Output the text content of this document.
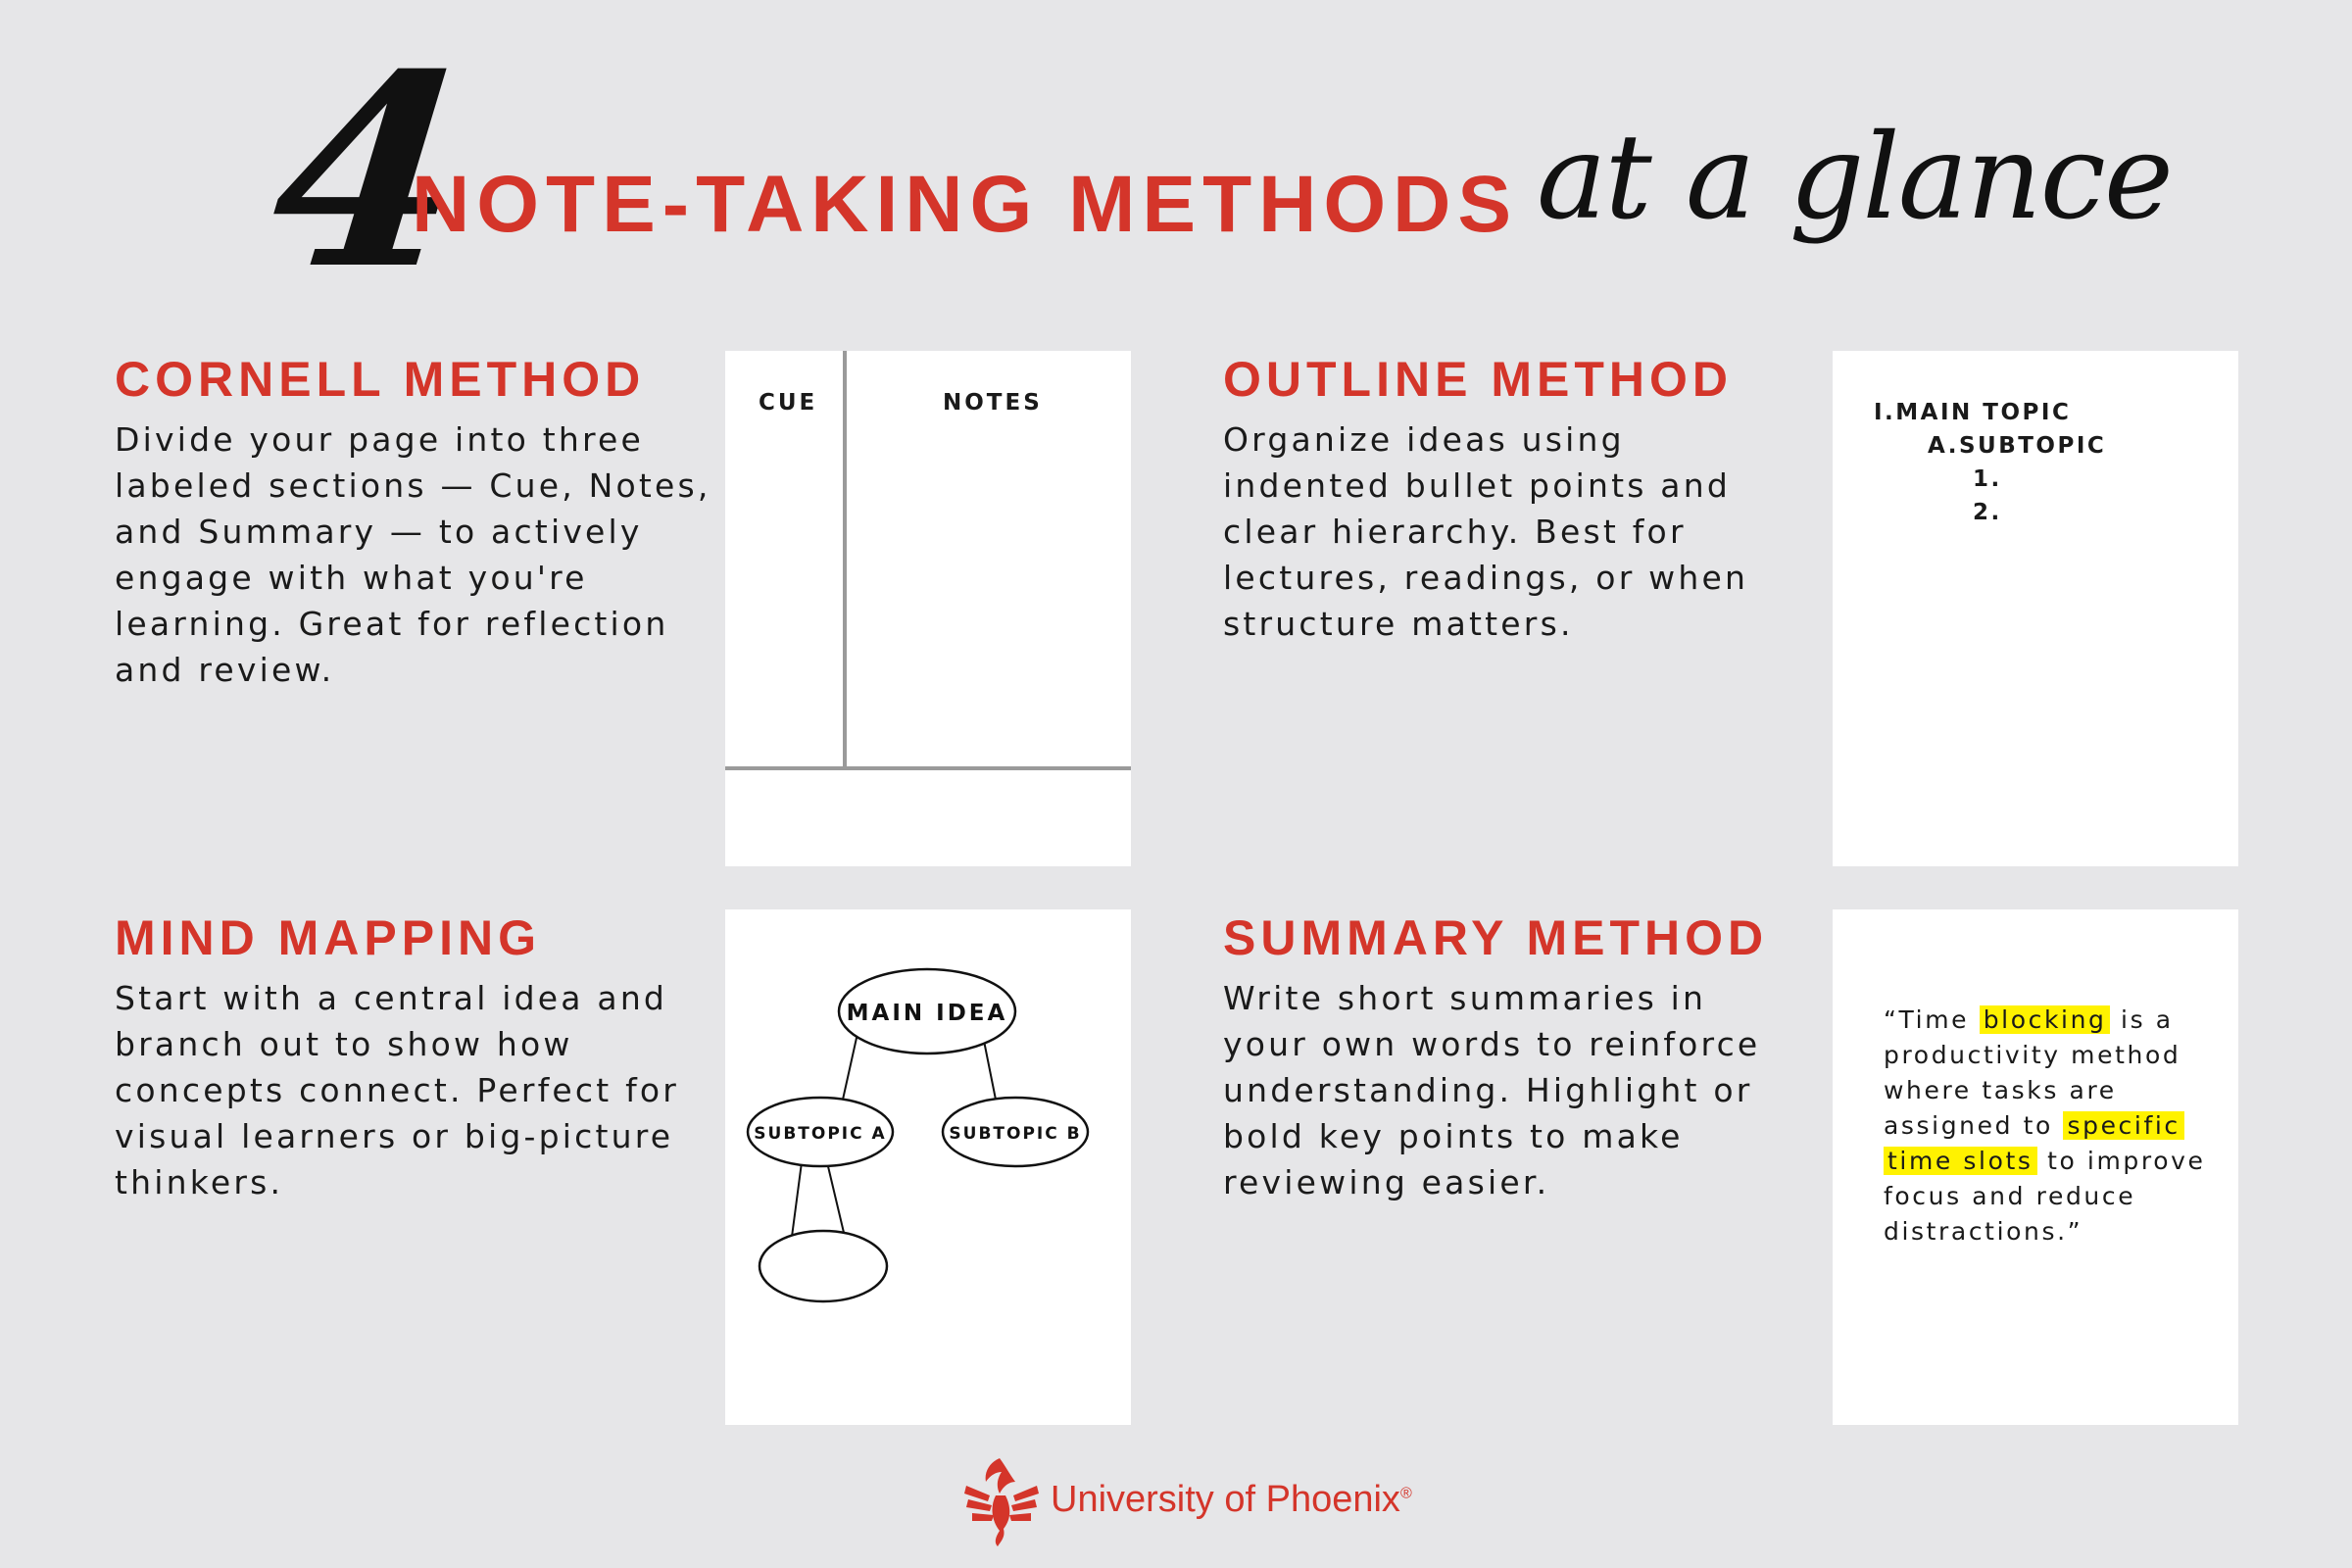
4
NOTE-TAKING METHODS at a glance
CORNELL METHOD
Divide your page into three labeled sections — Cue, Notes, and Summary — to actively engage with what you're learning. Great for reflection and review.
CUE	NOTES	OUTLINE METHOD
Organize ideas using indented bullet points and clear hierarchy. Best for lectures, readings, or when structure matters.
I.MAIN TOPIC
A.SUBTOPIC
1.
2.
MIND MAPPING
Start with a central idea and branch out to show how concepts connect. Perfect for visual learners or big-picture thinkers.
MAIN IDEA
SUBTOPIC A	SUBTOPIC B
SUMMARY METHOD
Write short summaries in your own words to reinforce understanding. Highlight or bold key points to make reviewing easier.
“Time blocking is a productivity method where tasks are assigned to specific time slots to improve focus and reduce distractions.”
University of Phoenix®
